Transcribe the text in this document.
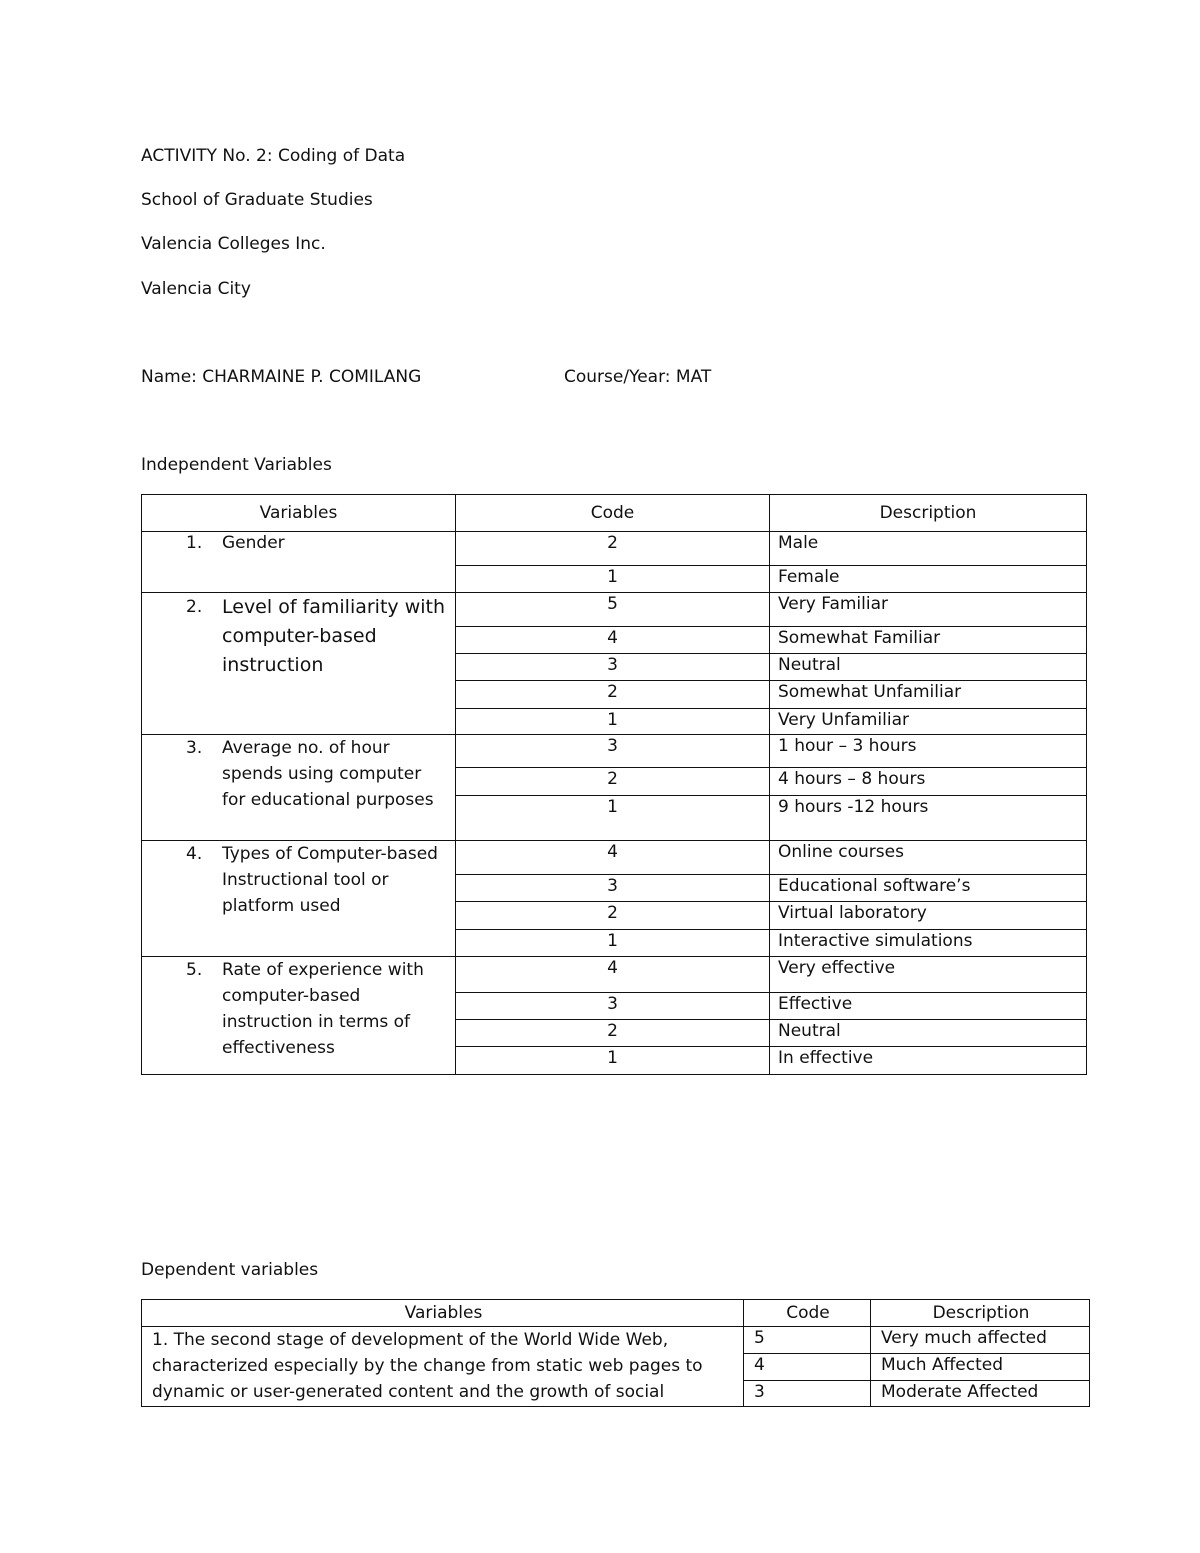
ACTIVITY No. 2: Coding of Data
School of Graduate Studies
Valencia Colleges Inc.
Valencia City
Name: CHARMAINE P. COMILANG	Course/Year: MAT
Independent Variables
Variables	Code	Description

1. Gender	2	Male
	1	Female

2. Level of familiarity with computer-based instruction	5	Very Familiar
	4	Somewhat Familiar
	3	Neutral
	2	Somewhat Unfamiliar
	1	Very Unfamiliar

3. Average no. of hour spends using computer for educational purposes	3	1 hour – 3 hours
	2	4 hours – 8 hours
	1	9 hours -12 hours

4. Types of Computer-based Instructional tool or platform used	4	Online courses
	3	Educational software’s
	2	Virtual laboratory
	1	Interactive simulations

5. Rate of experience with computer-based instruction in terms of effectiveness	4	Very effective
	3	Effective
	2	Neutral
	1	In effective
Dependent variables
Variables	Code	Description
1. The second stage of development of the World Wide Web, characterized especially by the change from static web pages to dynamic or user-generated content and the growth of social	5	Very much affected
	4	Much Affected
	3	Moderate Affected
